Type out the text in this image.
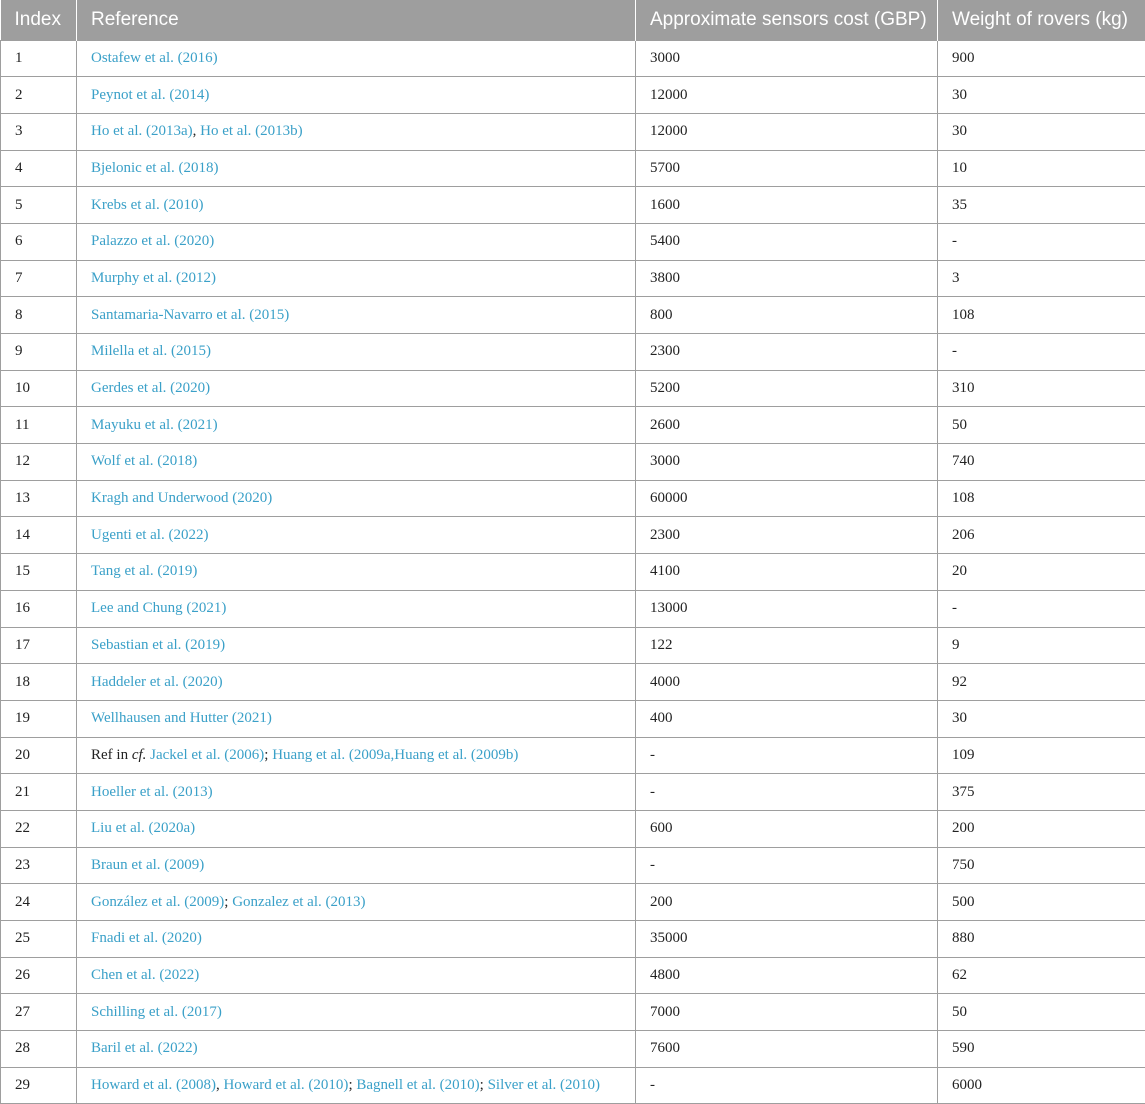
Index	Reference	Approximate sensors cost (GBP)	Weight of rovers (kg)
1	Ostafew et al. (2016)	3000	900
2	Peynot et al. (2014)	12000	30
3	Ho et al. (2013a), Ho et al. (2013b)	12000	30
4	Bjelonic et al. (2018)	5700	10
5	Krebs et al. (2010)	1600	35
6	Palazzo et al. (2020)	5400	-
7	Murphy et al. (2012)	3800	3
8	Santamaria-Navarro et al. (2015)	800	108
9	Milella et al. (2015)	2300	-
10	Gerdes et al. (2020)	5200	310
11	Mayuku et al. (2021)	2600	50
12	Wolf et al. (2018)	3000	740
13	Kragh and Underwood (2020)	60000	108
14	Ugenti et al. (2022)	2300	206
15	Tang et al. (2019)	4100	20
16	Lee and Chung (2021)	13000	-
17	Sebastian et al. (2019)	122	9
18	Haddeler et al. (2020)	4000	92
19	Wellhausen and Hutter (2021)	400	30
20	Ref in cf. Jackel et al. (2006); Huang et al. (2009a,Huang et al. (2009b)	-	109
21	Hoeller et al. (2013)	-	375
22	Liu et al. (2020a)	600	200
23	Braun et al. (2009)	-	750
24	González et al. (2009); Gonzalez et al. (2013)	200	500
25	Fnadi et al. (2020)	35000	880
26	Chen et al. (2022)	4800	62
27	Schilling et al. (2017)	7000	50
28	Baril et al. (2022)	7600	590
29	Howard et al. (2008), Howard et al. (2010); Bagnell et al. (2010); Silver et al. (2010)	-	6000
